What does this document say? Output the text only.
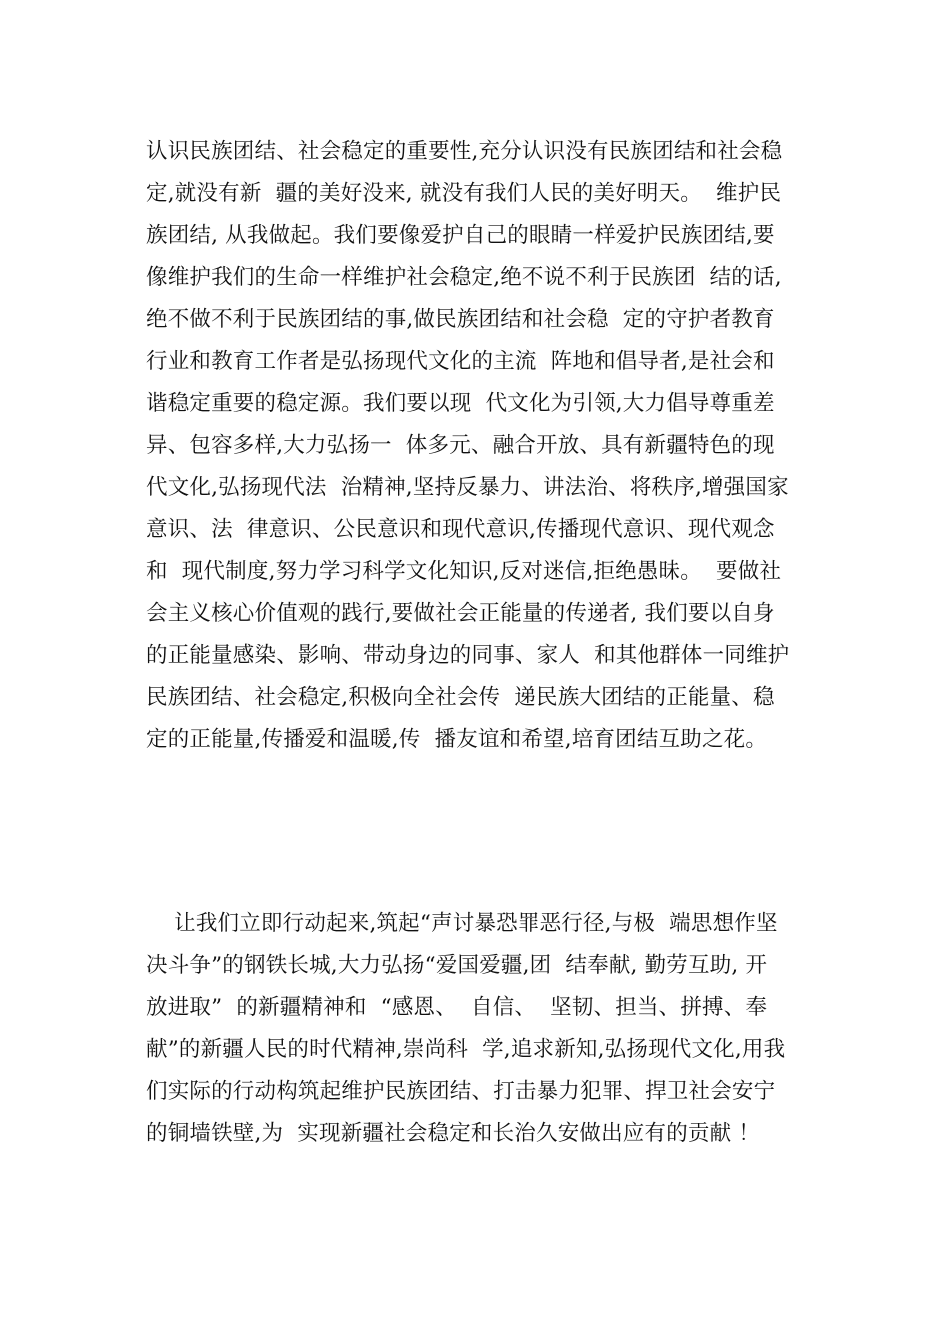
认识民族团结、社会稳定的重要性,充分认识没有民族团结和社会稳
定,就没有新  疆的美好没来, 就没有我们人民的美好明天。  维护民
族团结, 从我做起。我们要像爱护自己的眼睛一样爱护民族团结,要
像维护我们的生命一样维护社会稳定,绝不说不利于民族团  结的话,
绝不做不利于民族团结的事,做民族团结和社会稳  定的守护者教育
行业和教育工作者是弘扬现代文化的主流  阵地和倡导者,是社会和
谐稳定重要的稳定源。我们要以现  代文化为引领,大力倡导尊重差
异、包容多样,大力弘扬一  体多元、融合开放、具有新疆特色的现
代文化,弘扬现代法  治精神,坚持反暴力、讲法治、将秩序,增强国家
意识、法  律意识、公民意识和现代意识,传播现代意识、现代观念
和  现代制度,努力学习科学文化知识,反对迷信,拒绝愚昧。  要做社
会主义核心价值观的践行,要做社会正能量的传递者, 我们要以自身
的正能量感染、影响、带动身边的同事、家人  和其他群体一同维护
民族团结、社会稳定,积极向全社会传  递民族大团结的正能量、稳
定的正能量,传播爱和温暖,传  播友谊和希望,培育团结互助之花。
让我们立即行动起来,筑起“声讨暴恐罪恶行径,与极  端思想作坚
决斗争”的钢铁长城,大力弘扬“爱国爱疆,团  结奉献, 勤劳互助, 开
放进取”  的新疆精神和  “感恩、  自信、  坚韧、担当、拼搏、奉
献”的新疆人民的时代精神,崇尚科  学,追求新知,弘扬现代文化,用我
们实际的行动构筑起维护民族团结、打击暴力犯罪、捍卫社会安宁
的铜墙铁壁,为  实现新疆社会稳定和长治久安做出应有的贡献 ！
